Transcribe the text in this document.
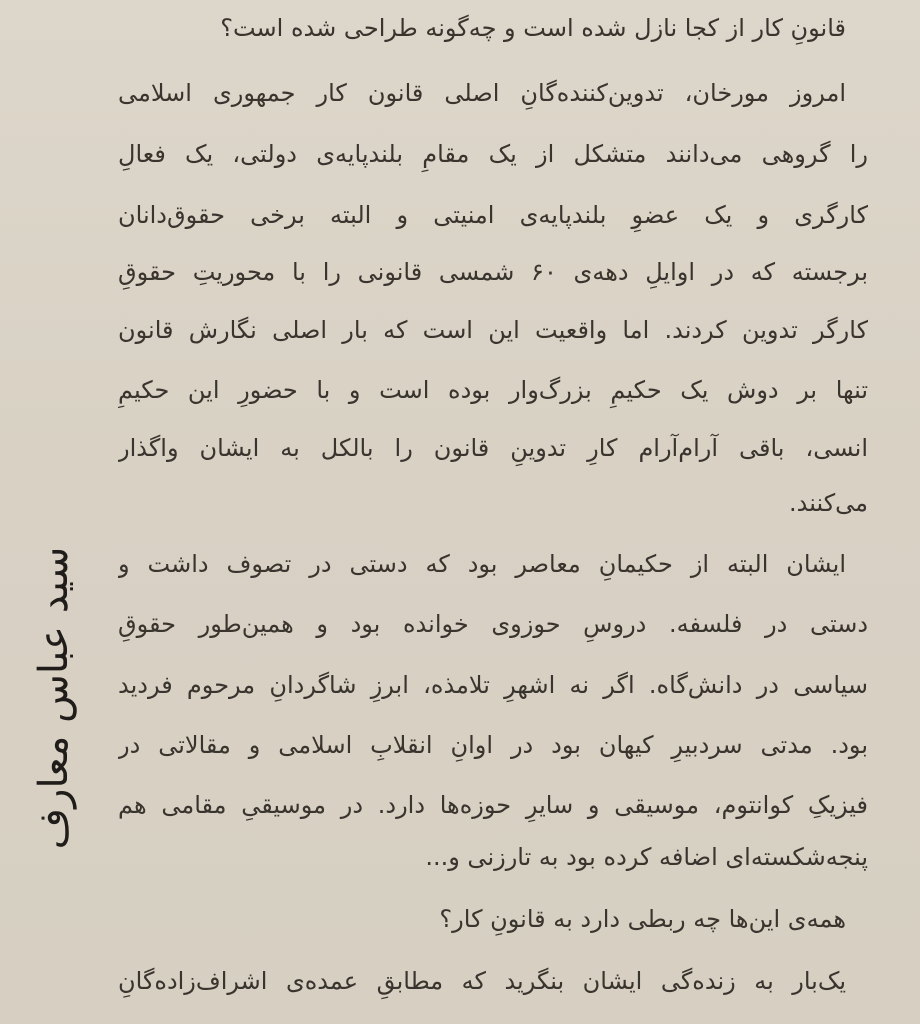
قانونِ کار از کجا نازل شده است و چه‌گونه طراحی شده است؟
امروز مورخان، تدوین‌کننده‌گانِ اصلی قانون کار جمهوری اسلامی
را گروهی می‌دانند متشکل از یک مقامِ بلندپایه‌ی دولتی، یک فعالِ
کارگری و یک عضوِ بلندپایه‌ی امنیتی و البته برخی حقوق‌دانان
برجسته که در اوایلِ دهه‌ی ۶۰ شمسی قانونی را با محوریتِ حقوقِ
کارگر تدوین کردند. اما واقعیت این است که بار اصلی نگارش قانون
تنها بر دوش یک حکیمِ بزرگ‌وار بوده است و با حضورِ این حکیمِ
انسی، باقی آرام‌آرام کارِ تدوینِ قانون را بالکل به ایشان واگذار
می‌کنند.
ایشان البته از حکیمانِ معاصر بود که دستی در تصوف داشت و
دستی در فلسفه. دروسِ حوزوی خوانده بود و همین‌طور حقوقِ
سیاسی در دانش‌گاه. اگر نه اشهرِ تلامذه، ابرزِ شاگردانِ مرحوم فردید
بود. مدتی سردبیرِ کیهان بود در اوانِ انقلابِ اسلامی و مقالاتی در
فیزیکِ کوانتوم، موسیقی و سایرِ حوزه‌ها دارد. در موسیقیِ مقامی هم
پنجه‌شکسته‌ای اضافه کرده بود به تارزنی و...
همه‌ی این‌ها چه ربطی دارد به قانونِ کار؟
یک‌بار به زنده‌گی ایشان بنگرید که مطابقِ عمده‌ی اشراف‌زاده‌گانِ
سید عباس معارف
